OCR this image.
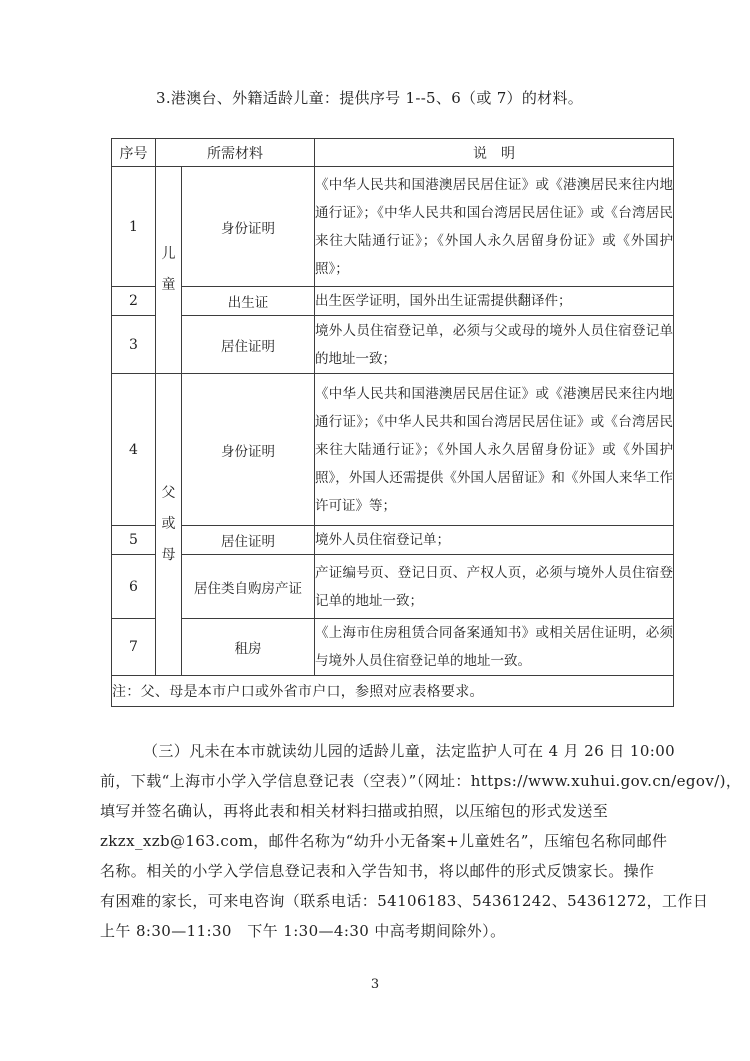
3.港澳台、外籍适龄儿童：提供序号 1--5、6（或 7）的材料。
序号	所需材料		说　明
1	儿童	身份证明	《中华人民共和国港澳居民居住证》或《港澳居民来往内地通行证》；《中华人民共和国台湾居民居住证》或《台湾居民来往大陆通行证》；《外国人永久居留身份证》或《外国护照》；
2		出生证	出生医学证明，国外出生证需提供翻译件；
3		居住证明	境外人员住宿登记单，必须与父或母的境外人员住宿登记单的地址一致；
4	父或母	身份证明	《中华人民共和国港澳居民居住证》或《港澳居民来往内地通行证》；《中华人民共和国台湾居民居住证》或《台湾居民来往大陆通行证》；《外国人永久居留身份证》或《外国护照》，外国人还需提供《外国人居留证》和《外国人来华工作许可证》等；
5		居住证明	境外人员住宿登记单；
6		居住类自购房产证	产证编号页、登记日页、产权人页，必须与境外人员住宿登记单的地址一致；
7		租房	《上海市住房租赁合同备案通知书》或相关居住证明，必须与境外人员住宿登记单的地址一致。
注：父、母是本市户口或外省市户口，参照对应表格要求。			
（三）凡未在本市就读幼儿园的适龄儿童，法定监护人可在 4 月 26 日 10:00
前，下载“上海市小学入学信息登记表（空表）”（网址：https://www.xuhui.gov.cn/egov/)，
填写并签名确认，再将此表和相关材料扫描或拍照，以压缩包的形式发送至
zkzx_xzb@163.com，邮件名称为“幼升小无备案+儿童姓名”，压缩包名称同邮件
名称。相关的小学入学信息登记表和入学告知书，将以邮件的形式反馈家长。操作
有困难的家长，可来电咨询（联系电话：54106183、54361242、54361272，工作日
上午 8:30—11:30　下午 1:30—4:30 中高考期间除外）。
3
